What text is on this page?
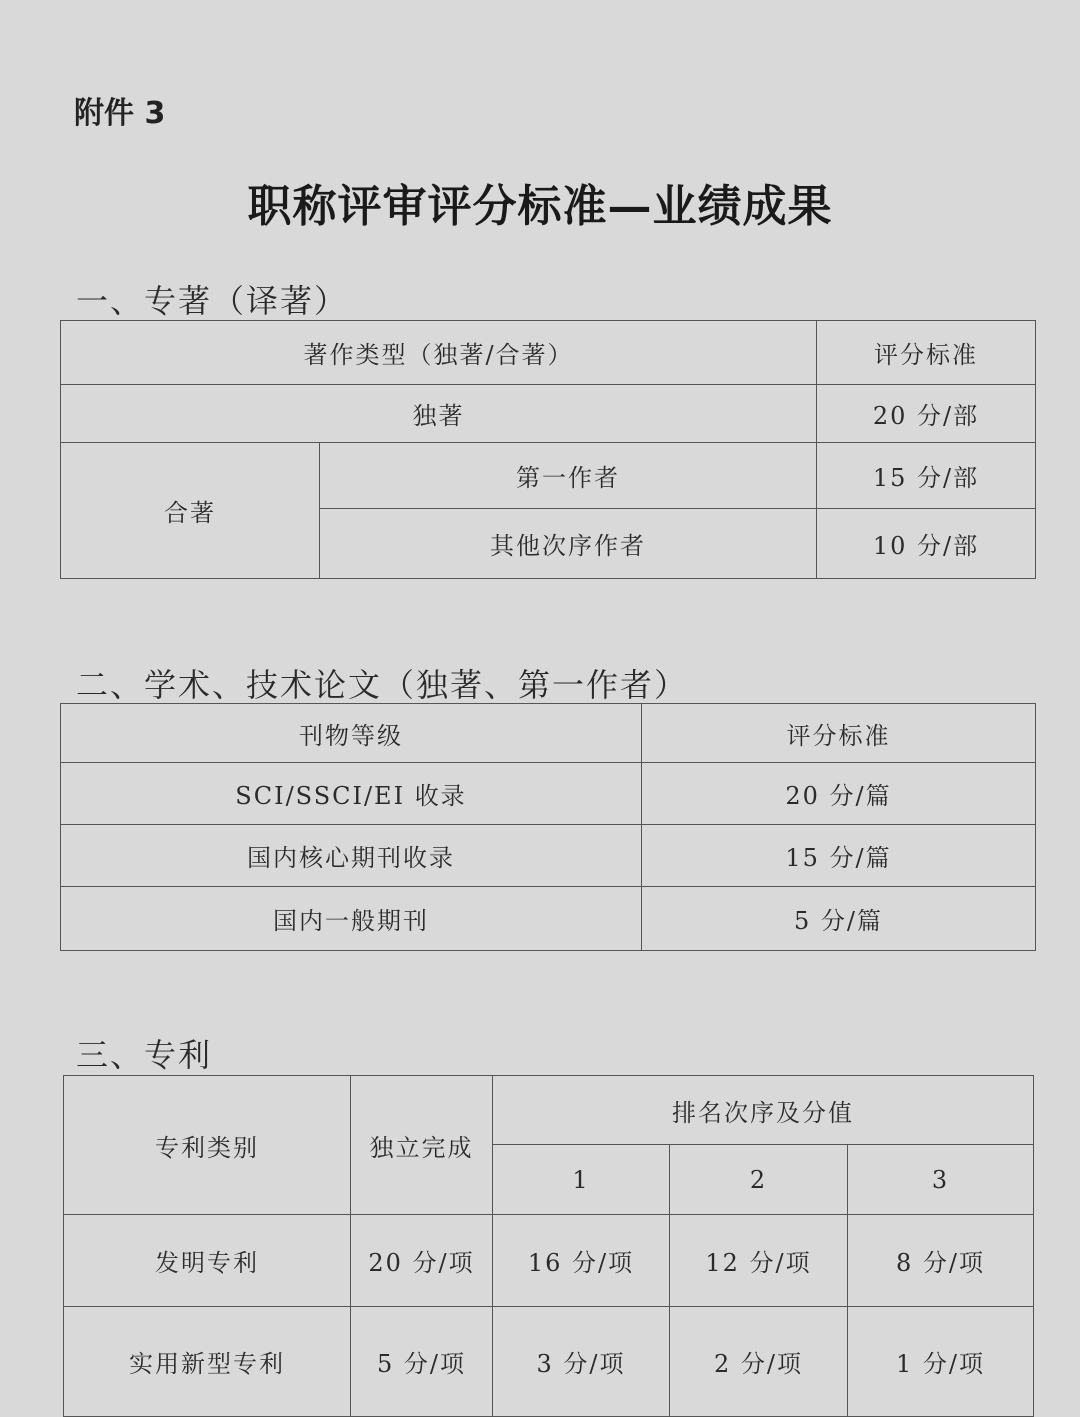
附件 3
职称评审评分标准—业绩成果
一、专著（译著）
著作类型（独著/合著）		评分标准
独著		20 分/部
合著	第一作者	15 分/部
	其他次序作者	10 分/部
二、学术、技术论文（独著、第一作者）
刊物等级	评分标准
SCI/SSCI/EI 收录	20 分/篇
国内核心期刊收录	15 分/篇
国内一般期刊	5 分/篇
三、专利
专利类别	独立完成	排名次序及分值		
		1	2	3
发明专利	20 分/项	16 分/项	12 分/项	8 分/项
实用新型专利	5 分/项	3 分/项	2 分/项	1 分/项
